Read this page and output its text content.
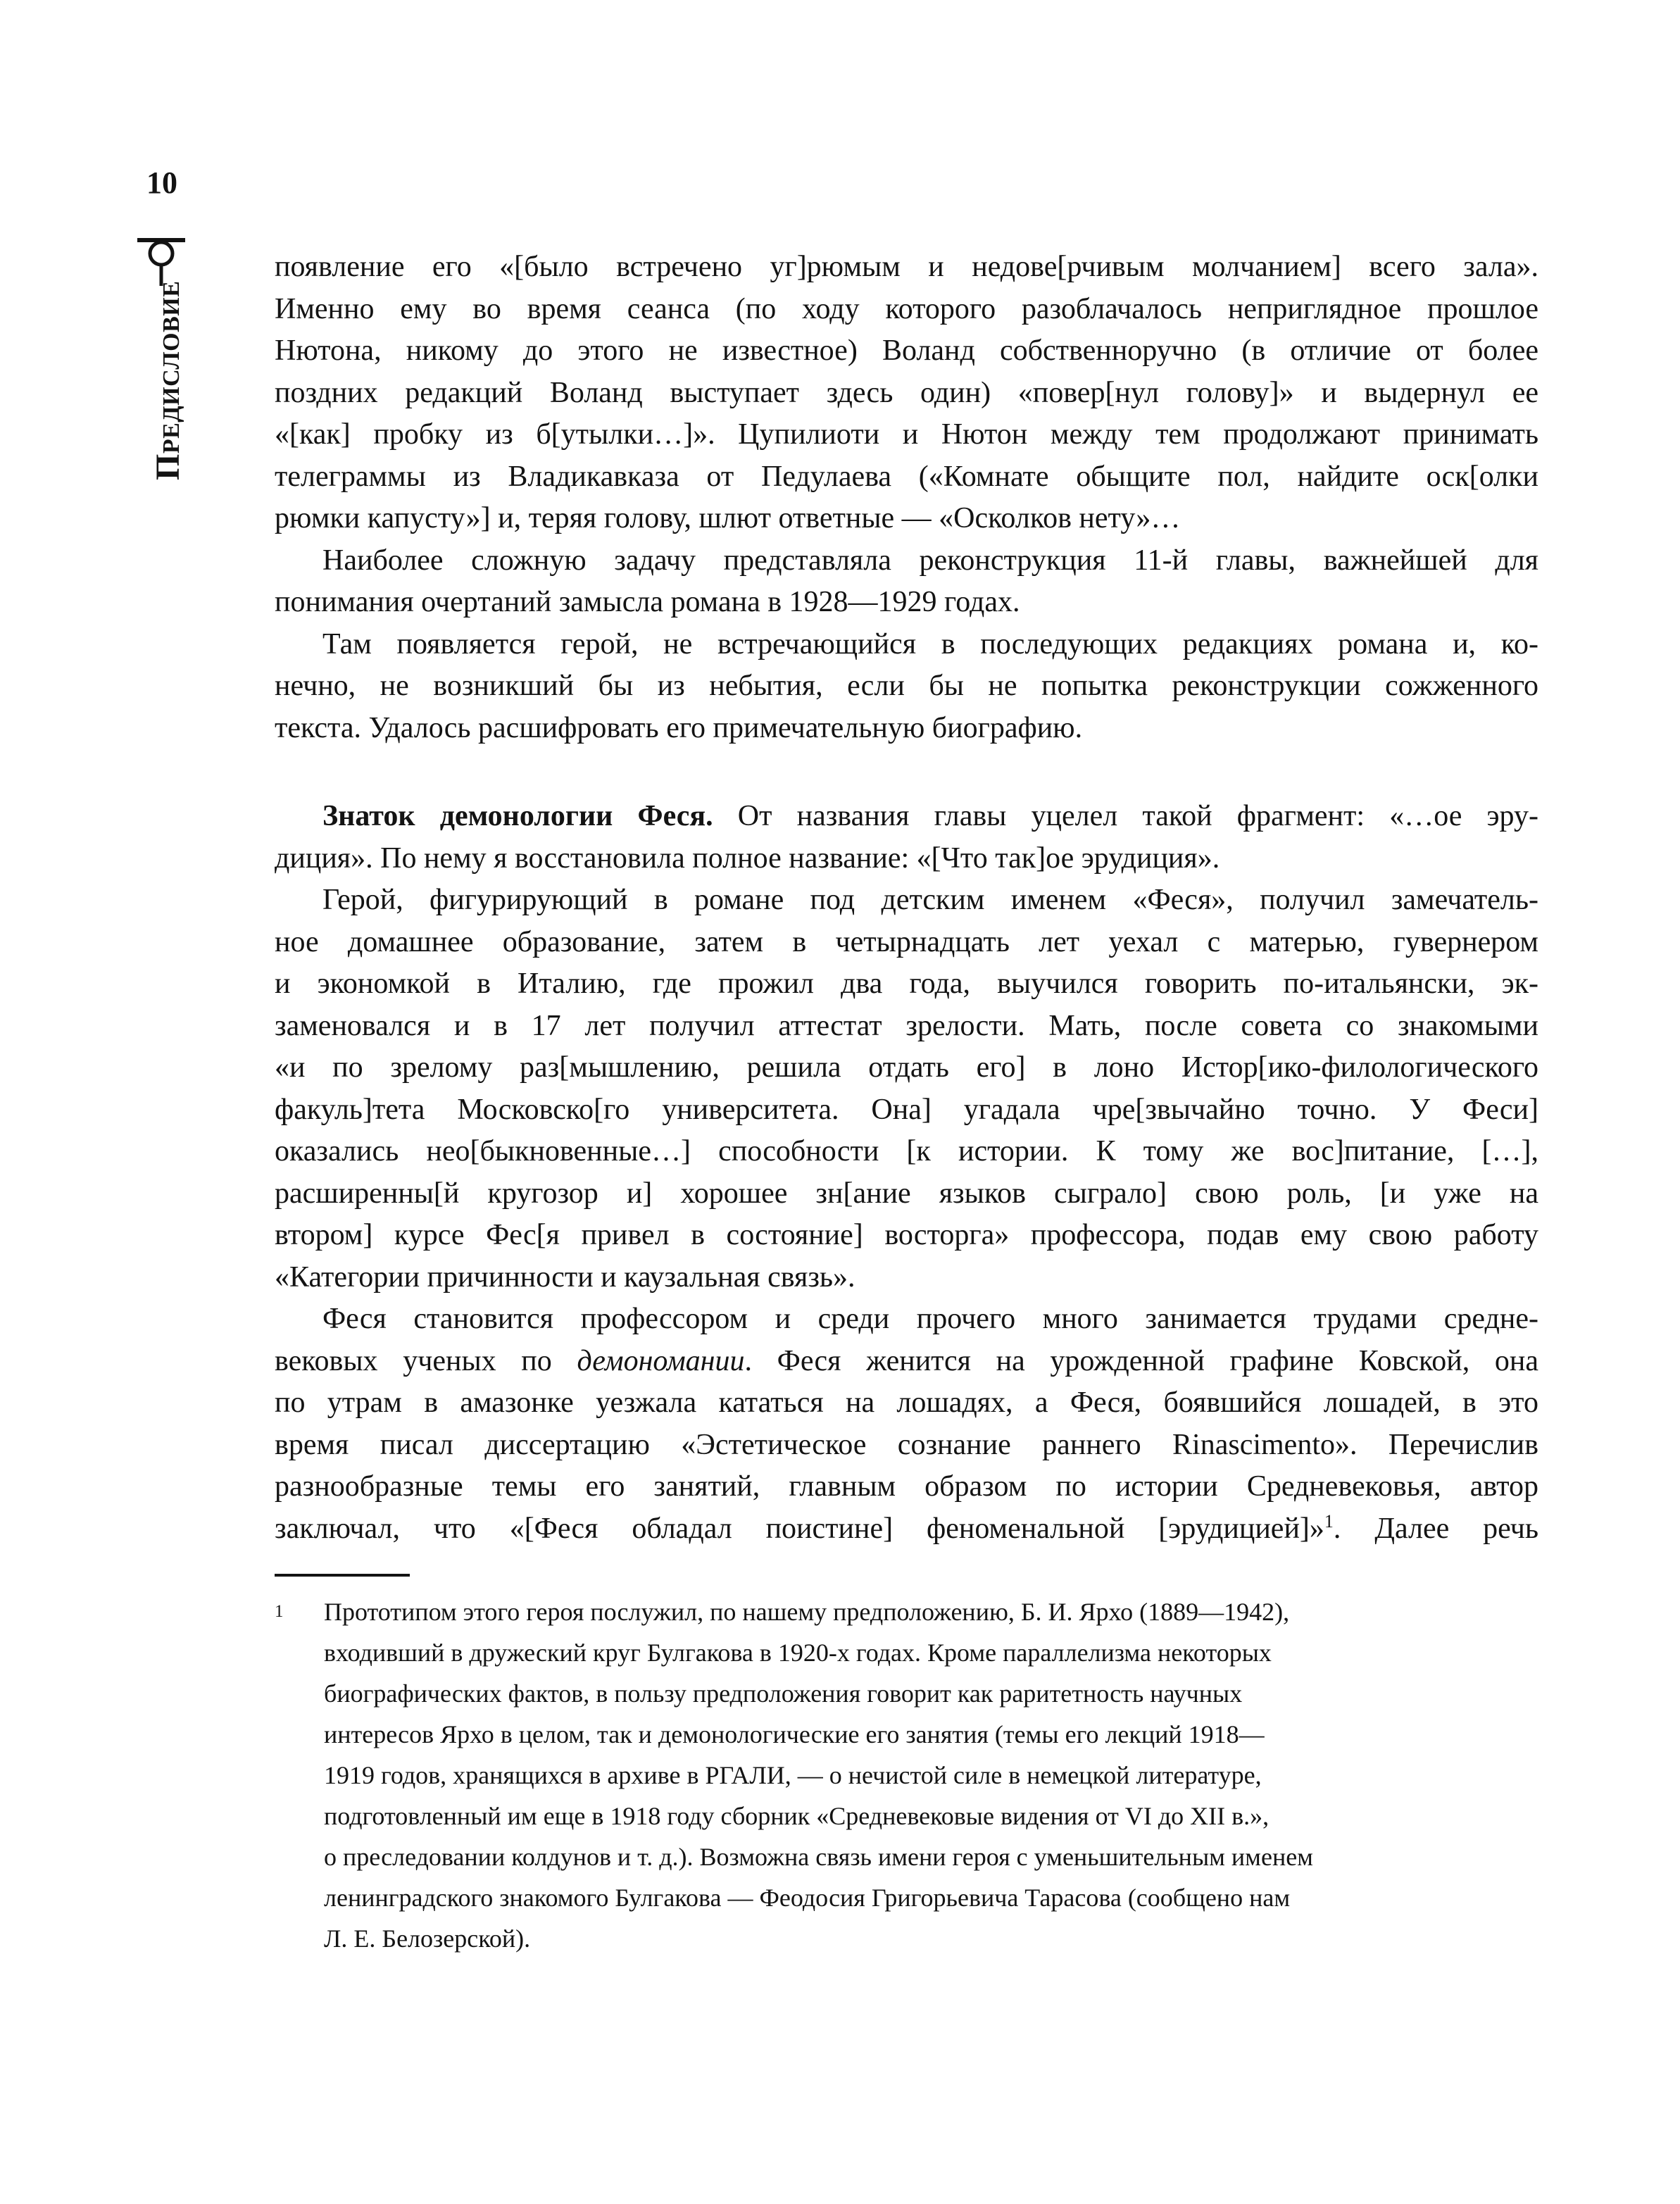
10
Предисловие
появление его «[было встречено уг]рюмым и недове[рчивым молчанием] всего зала».
Именно ему во время сеанса (по ходу которого разоблачалось неприглядное прошлое
Нютона, никому до этого не известное) Воланд собственноручно (в отличие от более
поздних редакций Воланд выступает здесь один) «повер[нул голову]» и выдернул ее
«[как] пробку из б[утылки…]». Цупилиоти и Нютон между тем продолжают принимать
телеграммы из Владикавказа от Педулаева («Комнате обыщите пол, найдите оск[олки
рюмки капусту»] и, теряя голову, шлют ответные — «Осколков нету»…
Наиболее сложную задачу представляла реконструкция 11-й главы, важнейшей для
понимания очертаний замысла романа в 1928—1929 годах.
Там появляется герой, не встречающийся в последующих редакциях романа и, ко-
нечно, не возникший бы из небытия, если бы не попытка реконструкции сожженного
текста. Удалось расшифровать его примечательную биографию.
Знаток демонологии Феся. От названия главы уцелел такой фрагмент: «…ое эру-
диция». По нему я восстановила полное название: «[Что так]ое эрудиция».
Герой, фигурирующий в романе под детским именем «Феся», получил замечатель-
ное домашнее образование, затем в четырнадцать лет уехал с матерью, гувернером
и экономкой в Италию, где прожил два года, выучился говорить по-итальянски, эк-
заменовался и в 17 лет получил аттестат зрелости. Мать, после совета со знакомыми
«и по зрелому раз[мышлению, решила отдать его] в лоно Истор[ико-филологического
факуль]тета Московско[го университета. Она] угадала чре[звычайно точно. У Феси]
оказались нео[быкновенные…] способности [к истории. К тому же вос]питание, […],
расширенны[й кругозор и] хорошее зн[ание языков сыграло] свою роль, [и уже на
втором] курсе Фес[я привел в состояние] восторга» профессора, подав ему свою работу
«Категории причинности и каузальная связь».
Феся становится профессором и среди прочего много занимается трудами средне-
вековых ученых по демономании. Феся женится на урожденной графине Ковской, она
по утрам в амазонке уезжала кататься на лошадях, а Феся, боявшийся лошадей, в это
время писал диссертацию «Эстетическое сознание раннего Rinascimento». Перечислив
разнообразные темы его занятий, главным образом по истории Средневековья, автор
заключал, что «[Феся обладал поистине] феноменальной [эрудицией]»$^1$. Далее речь
1 Прототипом этого героя послужил, по нашему предположению, Б. И. Ярхо (1889—1942),
входивший в дружеский круг Булгакова в 1920-х годах. Кроме параллелизма некоторых
биографических фактов, в пользу предположения говорит как раритетность научных
интересов Ярхо в целом, так и демонологические его занятия (темы его лекций 1918—
1919 годов, хранящихся в архиве в РГАЛИ, — о нечистой силе в немецкой литературе,
подготовленный им еще в 1918 году сборник «Средневековые видения от VI до XII в.»,
о преследовании колдунов и т. д.). Возможна связь имени героя с уменьшительным именем
ленинградского знакомого Булгакова — Феодосия Григорьевича Тарасова (сообщено нам
Л. Е. Белозерской).
